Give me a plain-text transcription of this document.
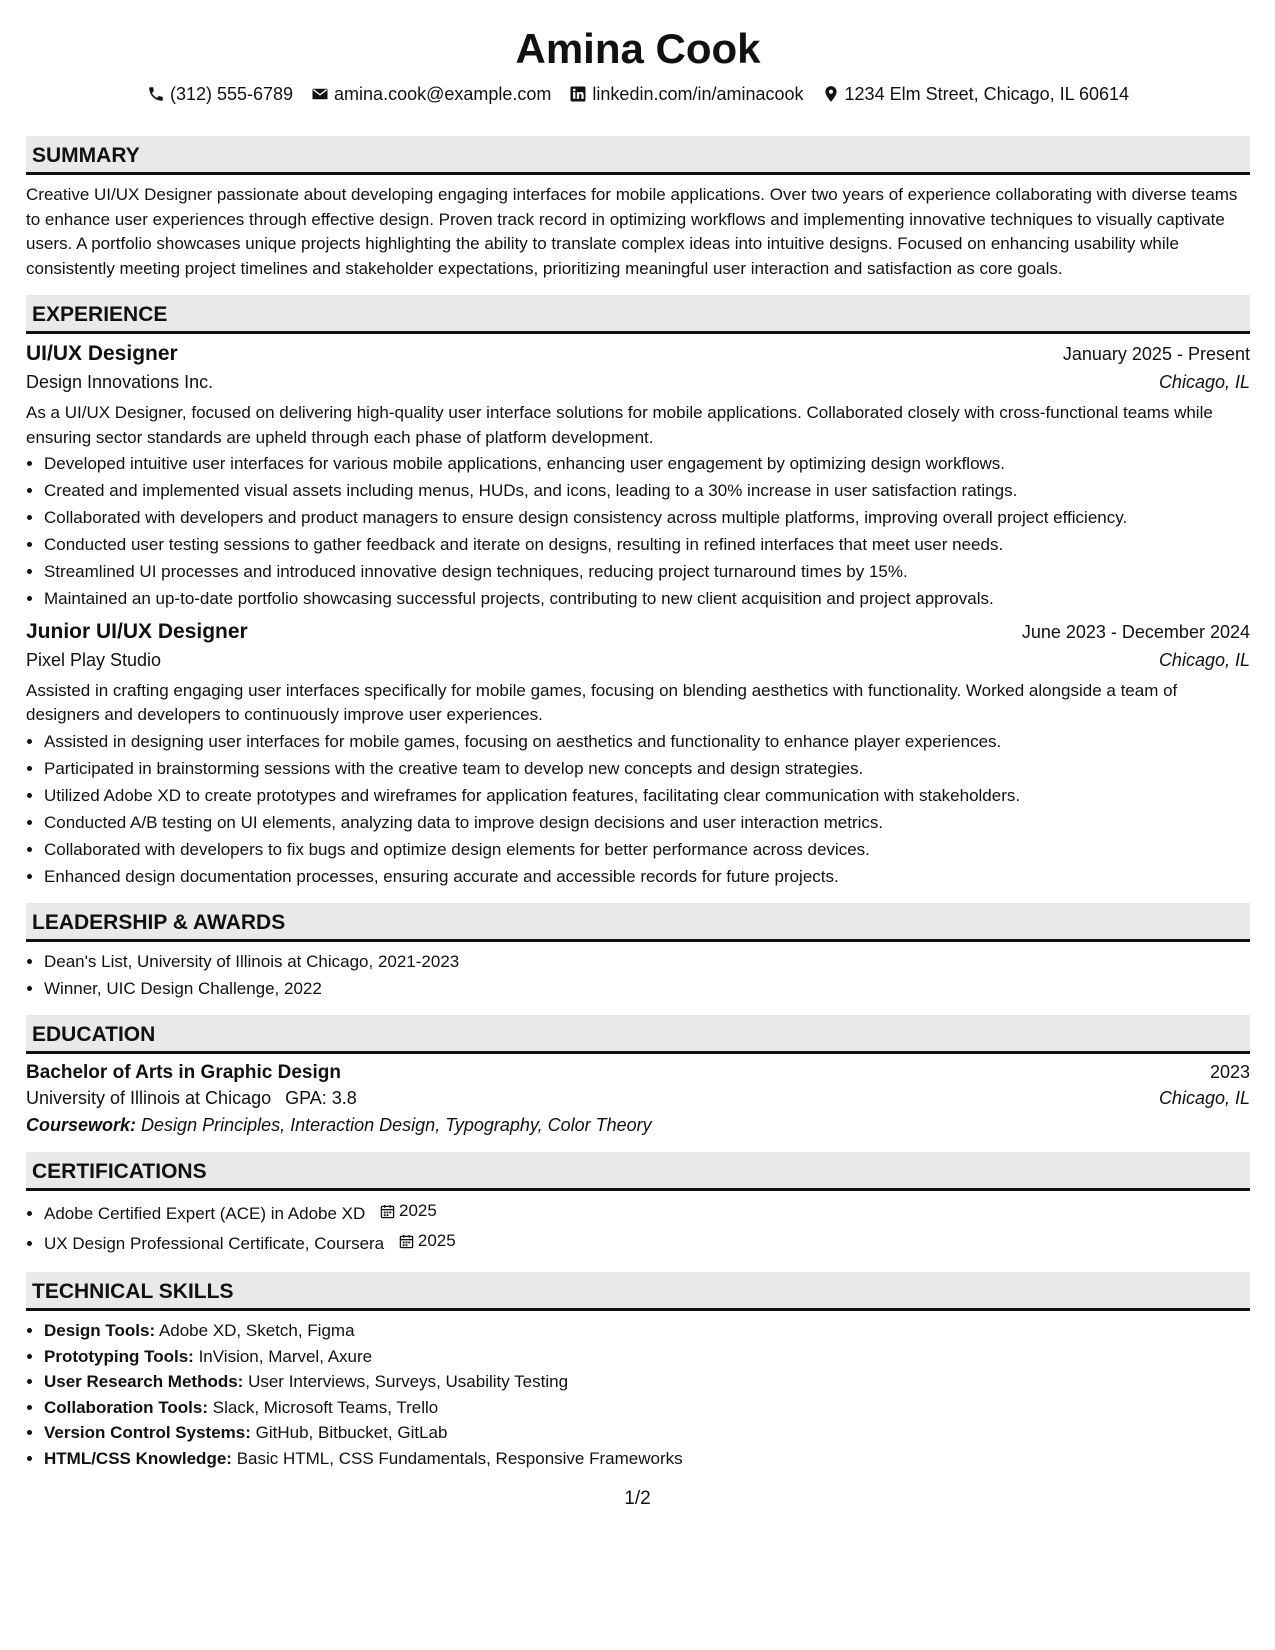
Amina Cook
(312) 555-6789 amina.cook@example.com linkedin.com/in/aminacook 1234 Elm Street, Chicago, IL 60614
SUMMARY
Creative UI/UX Designer passionate about developing engaging interfaces for mobile applications. Over two years of experience collaborating with diverse teams to enhance user experiences through effective design. Proven track record in optimizing workflows and implementing innovative techniques to visually captivate users. A portfolio showcases unique projects highlighting the ability to translate complex ideas into intuitive designs. Focused on enhancing usability while consistently meeting project timelines and stakeholder expectations, prioritizing meaningful user interaction and satisfaction as core goals.
EXPERIENCE
UI/UX Designer	January 2025 - Present
Design Innovations Inc.	Chicago, IL
As a UI/UX Designer, focused on delivering high-quality user interface solutions for mobile applications. Collaborated closely with cross-functional teams while ensuring sector standards are upheld through each phase of platform development.
• Developed intuitive user interfaces for various mobile applications, enhancing user engagement by optimizing design workflows.
• Created and implemented visual assets including menus, HUDs, and icons, leading to a 30% increase in user satisfaction ratings.
• Collaborated with developers and product managers to ensure design consistency across multiple platforms, improving overall project efficiency.
• Conducted user testing sessions to gather feedback and iterate on designs, resulting in refined interfaces that meet user needs.
• Streamlined UI processes and introduced innovative design techniques, reducing project turnaround times by 15%.
• Maintained an up-to-date portfolio showcasing successful projects, contributing to new client acquisition and project approvals.
Junior UI/UX Designer	June 2023 - December 2024
Pixel Play Studio	Chicago, IL
Assisted in crafting engaging user interfaces specifically for mobile games, focusing on blending aesthetics with functionality. Worked alongside a team of designers and developers to continuously improve user experiences.
• Assisted in designing user interfaces for mobile games, focusing on aesthetics and functionality to enhance player experiences.
• Participated in brainstorming sessions with the creative team to develop new concepts and design strategies.
• Utilized Adobe XD to create prototypes and wireframes for application features, facilitating clear communication with stakeholders.
• Conducted A/B testing on UI elements, analyzing data to improve design decisions and user interaction metrics.
• Collaborated with developers to fix bugs and optimize design elements for better performance across devices.
• Enhanced design documentation processes, ensuring accurate and accessible records for future projects.
LEADERSHIP & AWARDS
• Dean's List, University of Illinois at Chicago, 2021-2023
• Winner, UIC Design Challenge, 2022
EDUCATION
Bachelor of Arts in Graphic Design	2023
University of Illinois at Chicago GPA: 3.8	Chicago, IL
Coursework: Design Principles, Interaction Design, Typography, Color Theory
CERTIFICATIONS
• Adobe Certified Expert (ACE) in Adobe XD 2025
• UX Design Professional Certificate, Coursera 2025
TECHNICAL SKILLS
• Design Tools: Adobe XD, Sketch, Figma
• Prototyping Tools: InVision, Marvel, Axure
• User Research Methods: User Interviews, Surveys, Usability Testing
• Collaboration Tools: Slack, Microsoft Teams, Trello
• Version Control Systems: GitHub, Bitbucket, GitLab
• HTML/CSS Knowledge: Basic HTML, CSS Fundamentals, Responsive Frameworks
1/2
